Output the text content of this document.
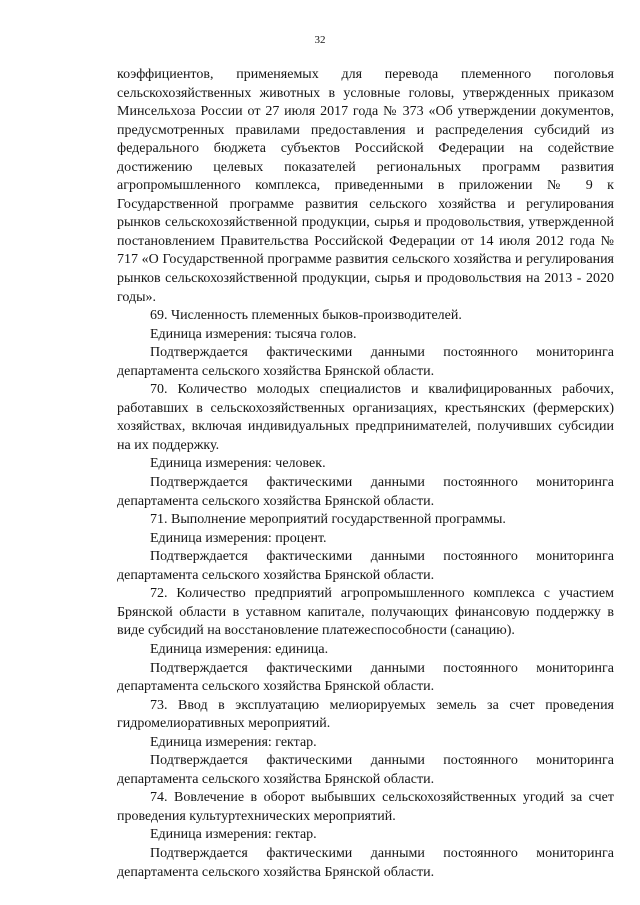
32

коэффициентов, применяемых для перевода племенного поголовья сельскохозяйственных животных в условные головы, утвержденных приказом Минсельхоза России от 27 июля 2017 года № 373 «Об утверждении документов, предусмотренных правилами предоставления и распределения субсидий из федерального бюджета субъектов Российской Федерации на содействие достижению целевых показателей региональных программ развития агропромышленного комплекса, приведенными в приложении № 9 к Государственной программе развития сельского хозяйства и регулирования рынков сельскохозяйственной продукции, сырья и продовольствия, утвержденной постановлением Правительства Российской Федерации от 14 июля 2012 года № 717 «О Государственной программе развития сельского хозяйства и регулирования рынков сельскохозяйственной продукции, сырья и продовольствия на 2013 - 2020 годы».

69. Численность племенных быков-производителей.

Единица измерения: тысяча голов.

Подтверждается фактическими данными постоянного мониторинга департамента сельского хозяйства Брянской области.

70. Количество молодых специалистов и квалифицированных рабочих, работавших в сельскохозяйственных организациях, крестьянских (фермерских) хозяйствах, включая индивидуальных предпринимателей, получивших субсидии на их поддержку.

Единица измерения: человек.

Подтверждается фактическими данными постоянного мониторинга департамента сельского хозяйства Брянской области.

71. Выполнение мероприятий государственной программы.

Единица измерения: процент.

Подтверждается фактическими данными постоянного мониторинга департамента сельского хозяйства Брянской области.

72. Количество предприятий агропромышленного комплекса с участием Брянской области в уставном капитале, получающих финансовую поддержку в виде субсидий на восстановление платежеспособности (санацию).

Единица измерения: единица.

Подтверждается фактическими данными постоянного мониторинга департамента сельского хозяйства Брянской области.

73. Ввод в эксплуатацию мелиорируемых земель за счет проведения гидромелиоративных мероприятий.

Единица измерения: гектар.

Подтверждается фактическими данными постоянного мониторинга департамента сельского хозяйства Брянской области.

74. Вовлечение в оборот выбывших сельскохозяйственных угодий за счет проведения культуртехнических мероприятий.

Единица измерения: гектар.

Подтверждается фактическими данными постоянного мониторинга департамента сельского хозяйства Брянской области.
